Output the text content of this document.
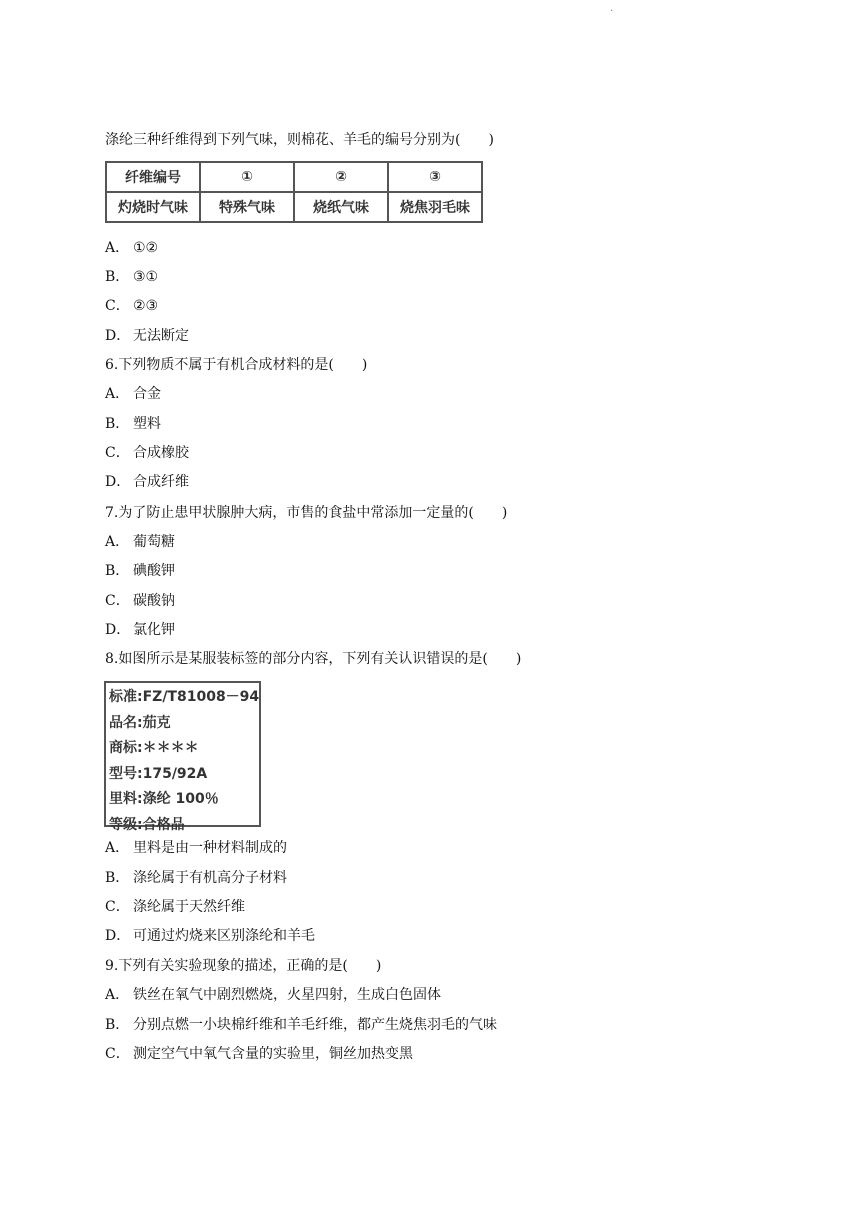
·
涤纶三种纤维得到下列气味，则棉花、羊毛的编号分别为(　　)
纤维编号	①	②	③
灼烧时气味	特殊气味	烧纸气味	烧焦羽毛味
A． ①②
B． ③①
C． ②③
D． 无法断定
6.下列物质不属于有机合成材料的是(　　)
A． 合金
B． 塑料
C． 合成橡胶
D． 合成纤维
7.为了防止患甲状腺肿大病，市售的食盐中常添加一定量的(　　)
A． 葡萄糖
B． 碘酸钾
C． 碳酸钠
D． 氯化钾
8.如图所示是某服装标签的部分内容，下列有关认识错误的是(　　)
标准:FZ/T81008－94
品名:茄克
商标:＊＊＊＊
型号:175/92A
里料:涤纶 100％
等级:合格品
A． 里料是由一种材料制成的
B． 涤纶属于有机高分子材料
C． 涤纶属于天然纤维
D． 可通过灼烧来区别涤纶和羊毛
9.下列有关实验现象的描述，正确的是(　　)
A． 铁丝在氧气中剧烈燃烧，火星四射，生成白色固体
B． 分别点燃一小块棉纤维和羊毛纤维，都产生烧焦羽毛的气味
C． 测定空气中氧气含量的实验里，铜丝加热变黑
